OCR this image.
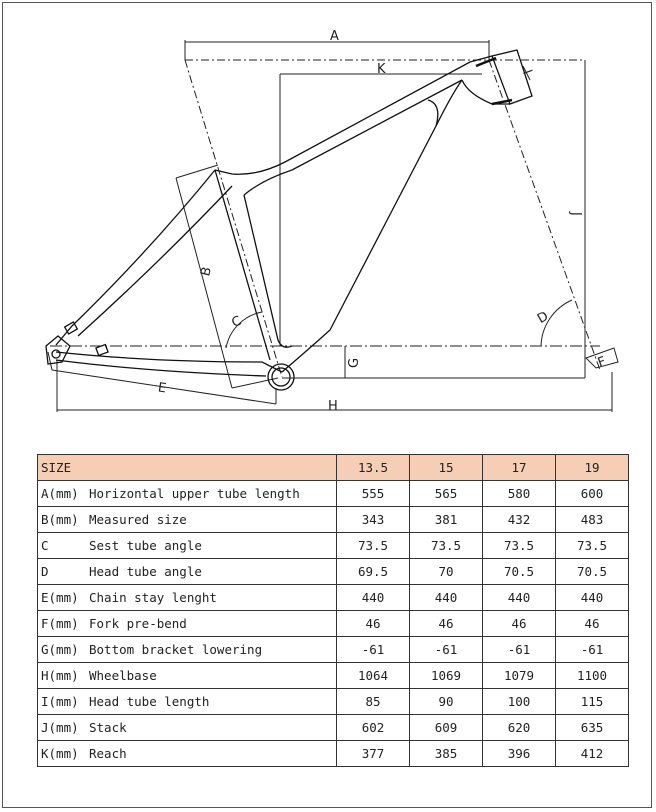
A
K	I
J
B
C	D
G
E
F
H
SIZE	13.5	15	17	19
A(mm) Horizontal upper tube length	555	565	580	600
B(mm) Measured size	343	381	432	483
C Sest tube angle	73.5	73.5	73.5	73.5
D Head tube angle	69.5	70	70.5	70.5
E(mm) Chain stay lenght	440	440	440	440
F(mm) Fork pre-bend	46	46	46	46
G(mm) Bottom bracket lowering	-61	-61	-61	-61
H(mm) Wheelbase	1064	1069	1079	1100
I(mm) Head tube length	85	90	100	115
J(mm) Stack	602	609	620	635
K(mm) Reach	377	385	396	412
